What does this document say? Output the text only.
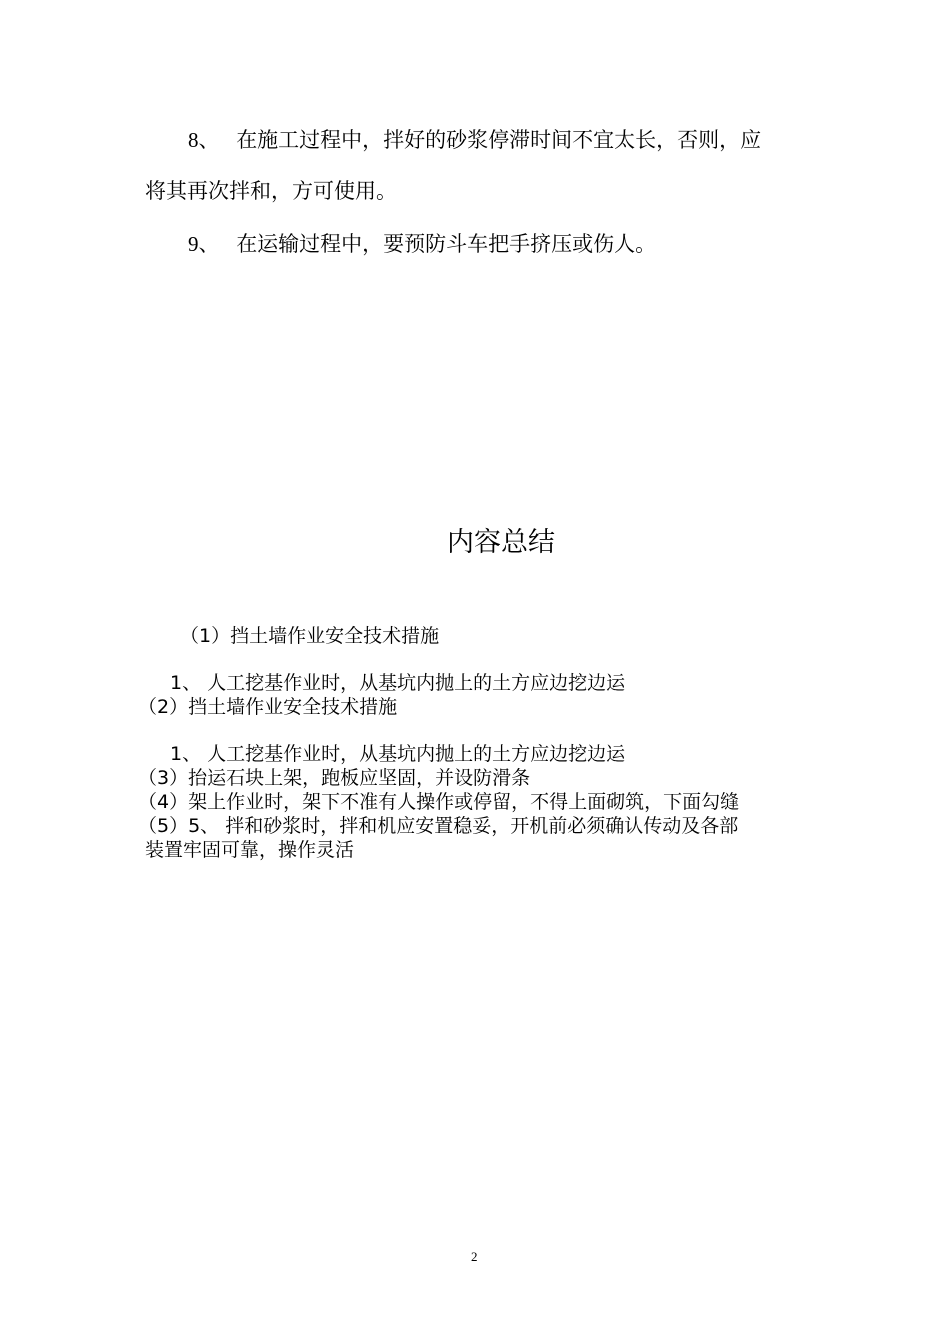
8、 在施工过程中，拌好的砂浆停滞时间不宜太长，否则，应
将其再次拌和，方可使用。
9、 在运输过程中，要预防斗车把手挤压或伤人。
内容总结
（1）挡土墙作业安全技术措施
1、 人工挖基作业时，从基坑内抛上的土方应边挖边运
（2）挡土墙作业安全技术措施
1、 人工挖基作业时，从基坑内抛上的土方应边挖边运
（3）抬运石块上架，跑板应坚固，并设防滑条
（4）架上作业时，架下不准有人操作或停留，不得上面砌筑，下面勾缝
（5）5、 拌和砂浆时，拌和机应安置稳妥，开机前必须确认传动及各部
装置牢固可靠，操作灵活
2
